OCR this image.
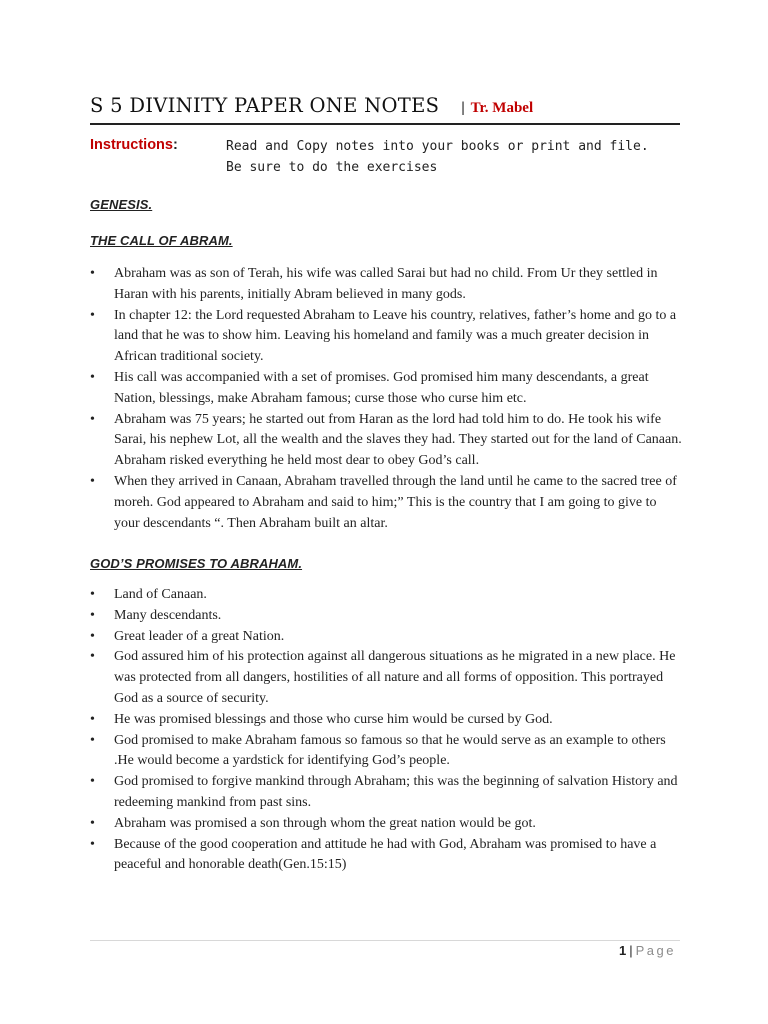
S 5 DIVINITY PAPER ONE NOTES | Tr. Mabel
Instructions:	Read and Copy notes into your books or print and file. Be sure to do the exercises
GENESIS.
THE CALL OF ABRAM.
• Abraham was as son of Terah, his wife was called Sarai but had no child. From Ur they settled in Haran with his parents, initially Abram believed in many gods.
• In chapter 12: the Lord requested Abraham to Leave his country, relatives, father’s home and go to a land that he was to show him. Leaving his homeland and family was a much greater decision in African traditional society.
• His call was accompanied with a set of promises. God promised him many descendants, a great Nation, blessings, make Abraham famous; curse those who curse him etc.
• Abraham was 75 years; he started out from Haran as the lord had told him to do. He took his wife Sarai, his nephew Lot, all the wealth and the slaves they had. They started out for the land of Canaan. Abraham risked everything he held most dear to obey God’s call.
• When they arrived in Canaan, Abraham travelled through the land until he came to the sacred tree of moreh. God appeared to Abraham and said to him;” This is the country that I am going to give to your descendants “. Then Abraham built an altar.
GOD’S PROMISES TO ABRAHAM.
• Land of Canaan.
• Many descendants.
• Great leader of a great Nation.
• God assured him of his protection against all dangerous situations as he migrated in a new place. He was protected from all dangers, hostilities of all nature and all forms of opposition. This portrayed God as a source of security.
• He was promised blessings and those who curse him would be cursed by God.
• God promised to make Abraham famous so famous so that he would serve as an example to others .He would become a yardstick for identifying God’s people.
• God promised to forgive mankind through Abraham; this was the beginning of salvation History and redeeming mankind from past sins.
• Abraham was promised a son through whom the great nation would be got.
• Because of the good cooperation and attitude he had with God, Abraham was promised to have a peaceful and honorable death(Gen.15:15)
1 | Page
